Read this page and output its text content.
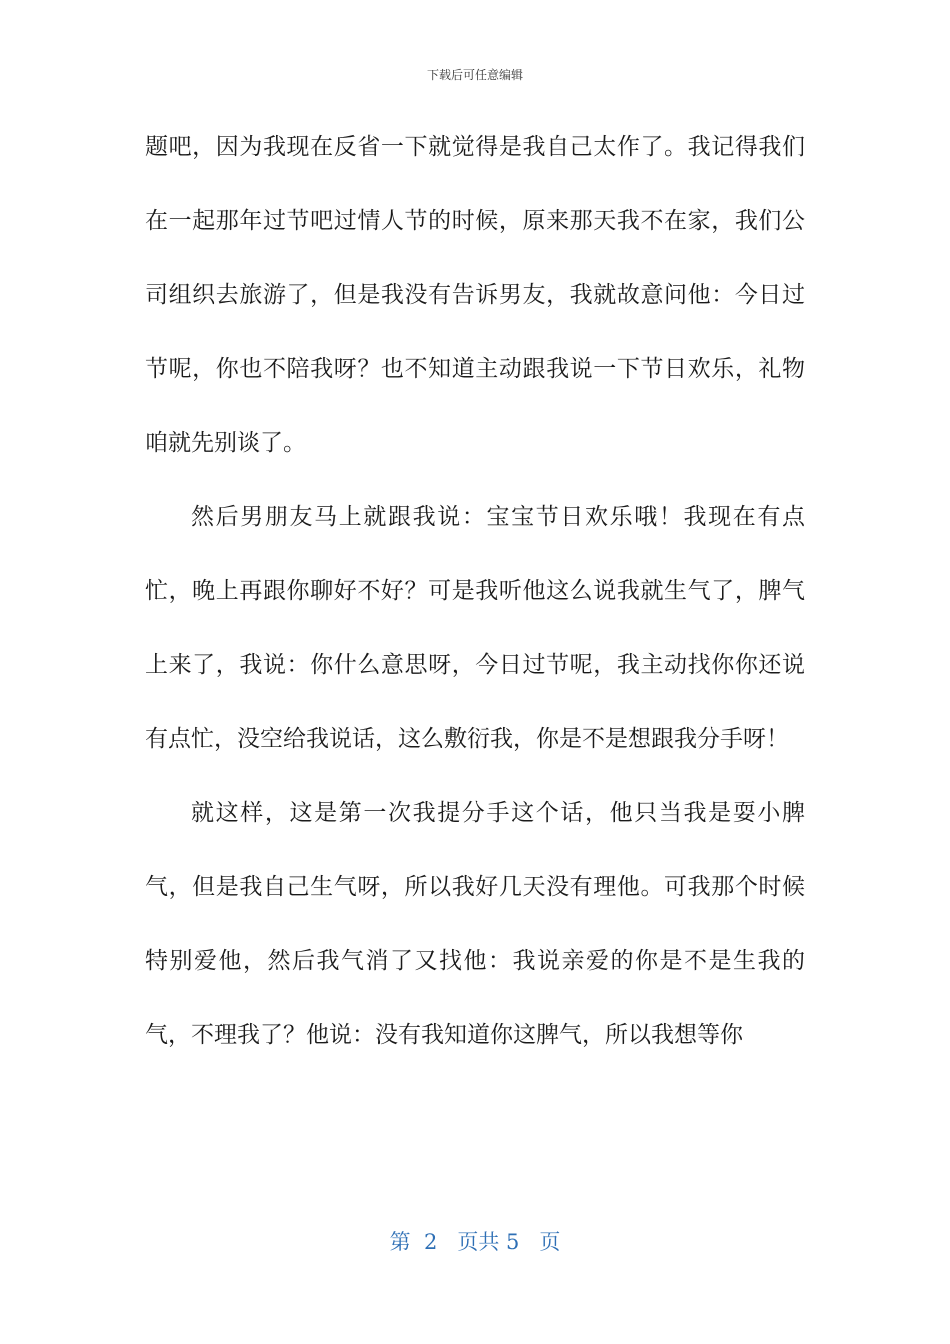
下载后可任意编辑

题吧，因为我现在反省一下就觉得是我自己太作了。我记得我们在一起那年过节吧过情人节的时候，原来那天我不在家，我们公司组织去旅游了，但是我没有告诉男友，我就故意问他：今日过节呢，你也不陪我呀？也不知道主动跟我说一下节日欢乐，礼物咱就先别谈了。

然后男朋友马上就跟我说：宝宝节日欢乐哦！我现在有点忙，晚上再跟你聊好不好？可是我听他这么说我就生气了，脾气上来了，我说：你什么意思呀，今日过节呢，我主动找你你还说有点忙，没空给我说话，这么敷衍我，你是不是想跟我分手呀！

就这样，这是第一次我提分手这个话，他只当我是耍小脾气，但是我自己生气呀，所以我好几天没有理他。可我那个时候特别爱他，然后我气消了又找他：我说亲爱的你是不是生我的气，不理我了？他说：没有我知道你这脾气，所以我想等你

第  2   页共 5   页
